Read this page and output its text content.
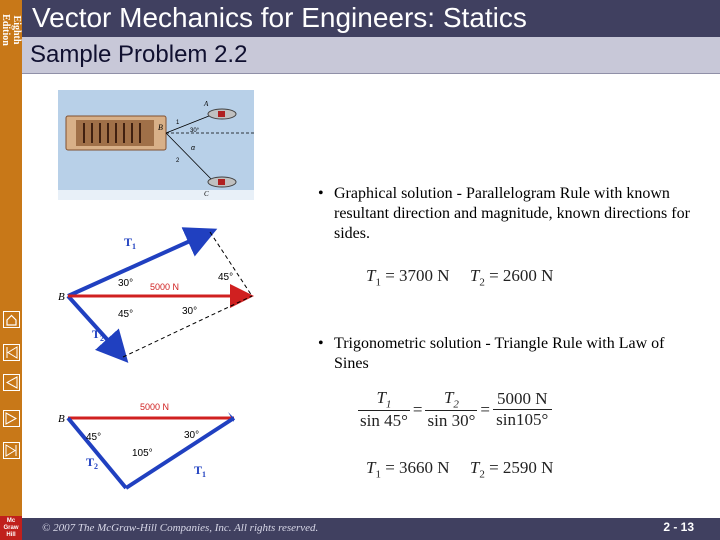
Eighth
Edition
Mc
Graw
Hill
Vector Mechanics for Engineers: Statics
Sample Problem 2.2
B
A
C
1
2
30°
α
B
$T_1$
$T_2$
5000 N
30°
45°
45°
30°
B
5000 N
45°	30°
105°
$T_2$	$T_1$
• Graphical solution - Parallelogram Rule with known resultant direction and magnitude, known directions for sides.
• Trigonometric solution - Triangle Rule with Law of Sines
$T_1 = 3700$ N $T_2 = 2600$ N
$\frac{T_1}{\sin 45^\circ} = \frac{T_2}{\sin 30^\circ} = \frac{5000 N}{\sin 105^\circ}$
$T_1 = 3660$ N $T_2 = 2590$ N
© 2007 The McGraw-Hill Companies, Inc. All rights reserved.	2 - 13
